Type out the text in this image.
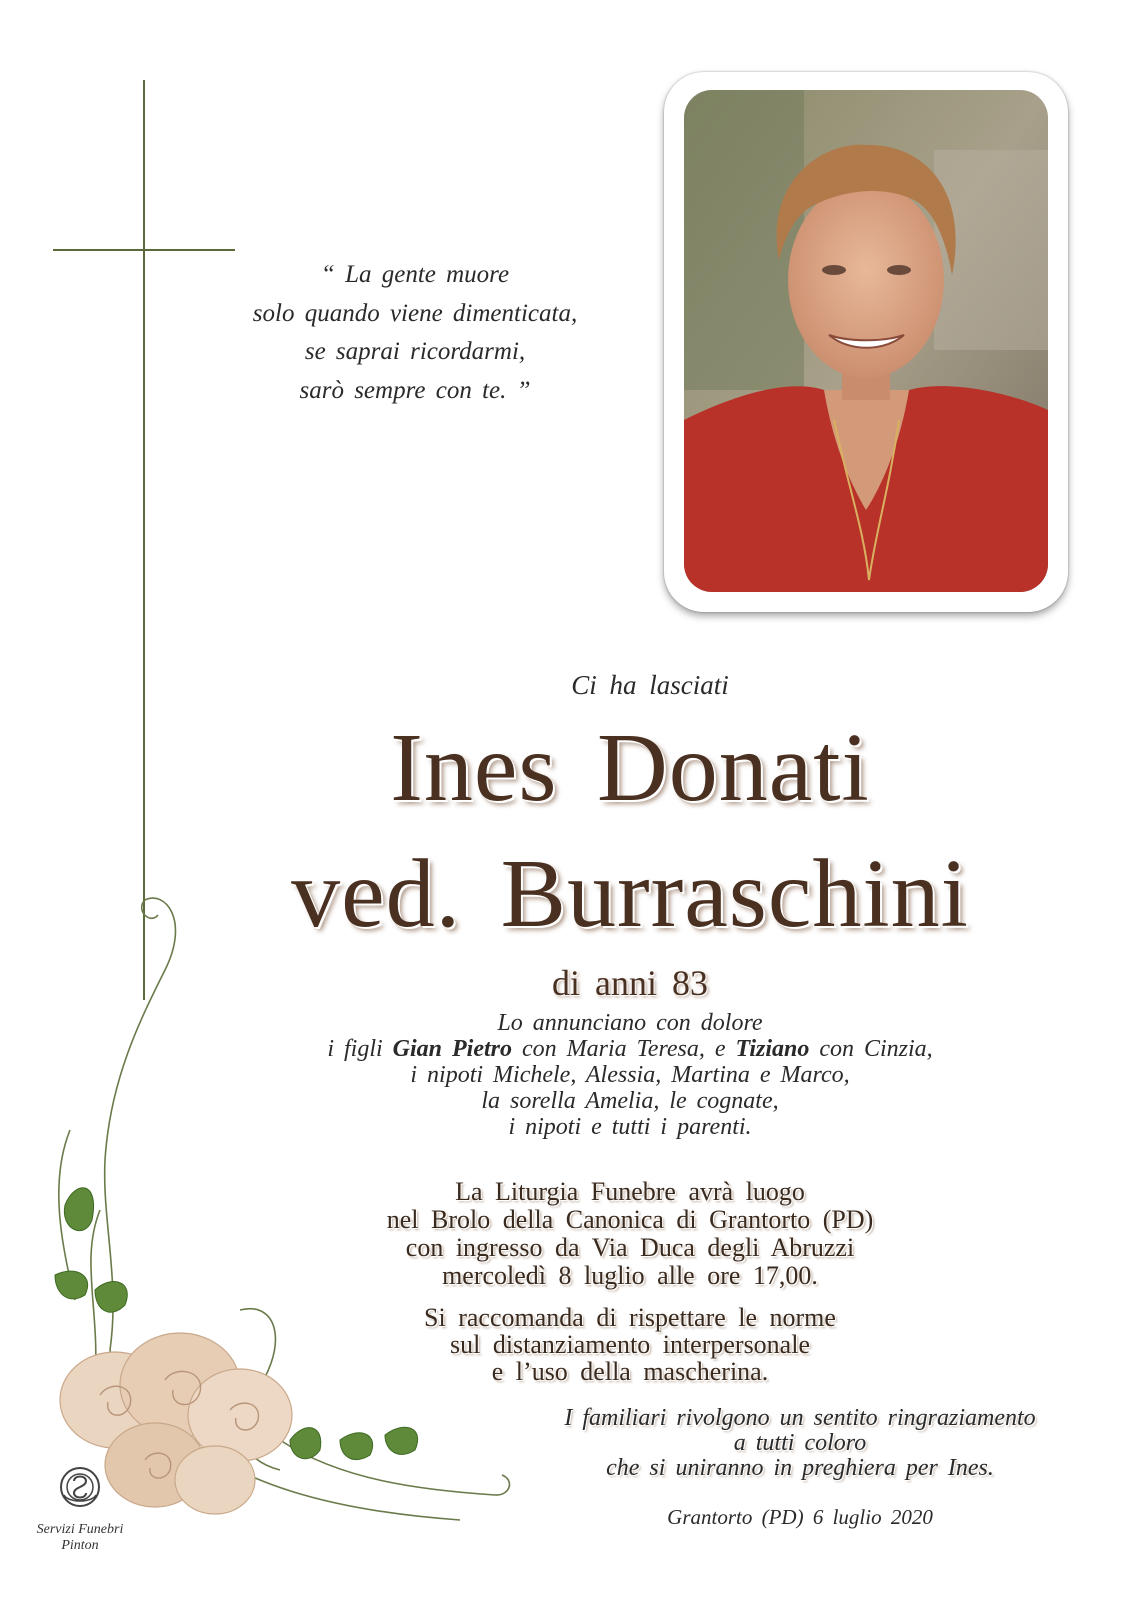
“ La gente muore
solo quando viene dimenticata,
se saprai ricordarmi,
sarò sempre con te. ”
Ci ha lasciati
Ines Donati
ved. Burraschini
di anni 83
Lo annunciano con dolore
i figli Gian Pietro con Maria Teresa, e Tiziano con Cinzia,
i nipoti Michele, Alessia, Martina e Marco,
la sorella Amelia, le cognate,
i nipoti e tutti i parenti.
La Liturgia Funebre avrà luogo
nel Brolo della Canonica di Grantorto (PD)
con ingresso da Via Duca degli Abruzzi
mercoledì 8 luglio alle ore 17,00.
Si raccomanda di rispettare le norme
sul distanziamento interpersonale
e l’uso della mascherina.
I familiari rivolgono un sentito ringraziamento
a tutti coloro
che si uniranno in preghiera per Ines.
Grantorto (PD) 6 luglio 2020
Servizi Funebri
Pinton
